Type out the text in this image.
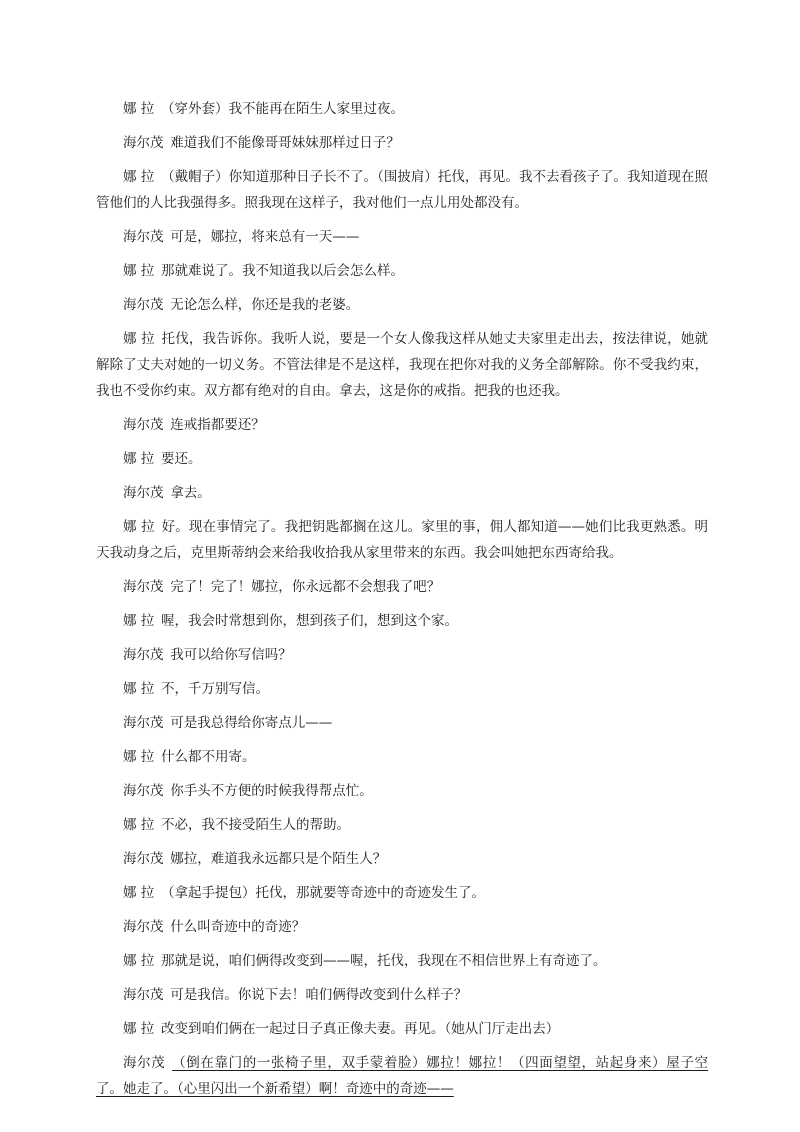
娜 拉 （穿外套）我不能再在陌生人家里过夜。

海尔茂 难道我们不能像哥哥妹妹那样过日子？

娜 拉 （戴帽子）你知道那种日子长不了。（围披肩）托伐，再见。我不去看孩子了。我知道现在照管他们的人比我强得多。照我现在这样子，我对他们一点儿用处都没有。

海尔茂 可是，娜拉，将来总有一天——

娜 拉 那就难说了。我不知道我以后会怎么样。

海尔茂 无论怎么样，你还是我的老婆。

娜 拉 托伐，我告诉你。我听人说，要是一个女人像我这样从她丈夫家里走出去，按法律说，她就解除了丈夫对她的一切义务。不管法律是不是这样，我现在把你对我的义务全部解除。你不受我约束，我也不受你约束。双方都有绝对的自由。拿去，这是你的戒指。把我的也还我。

海尔茂 连戒指都要还？

娜 拉 要还。

海尔茂 拿去。

娜 拉 好。现在事情完了。我把钥匙都搁在这儿。家里的事，佣人都知道——她们比我更熟悉。明天我动身之后，克里斯蒂纳会来给我收拾我从家里带来的东西。我会叫她把东西寄给我。

海尔茂 完了！完了！娜拉，你永远都不会想我了吧？

娜 拉 喔，我会时常想到你，想到孩子们，想到这个家。

海尔茂 我可以给你写信吗？

娜 拉 不，千万别写信。

海尔茂 可是我总得给你寄点儿——

娜 拉 什么都不用寄。

海尔茂 你手头不方便的时候我得帮点忙。

娜 拉 不必，我不接受陌生人的帮助。

海尔茂 娜拉，难道我永远都只是个陌生人？

娜 拉 （拿起手提包）托伐，那就要等奇迹中的奇迹发生了。

海尔茂 什么叫奇迹中的奇迹？

娜 拉 那就是说，咱们俩得改变到——喔，托伐，我现在不相信世界上有奇迹了。

海尔茂 可是我信。你说下去！咱们俩得改变到什么样子？

娜 拉 改变到咱们俩在一起过日子真正像夫妻。再见。（她从门厅走出去）

海尔茂 （倒在靠门的一张椅子里，双手蒙着脸）娜拉！娜拉！（四面望望，站起身来）屋子空了。她走了。（心里闪出一个新希望）啊！奇迹中的奇迹——
